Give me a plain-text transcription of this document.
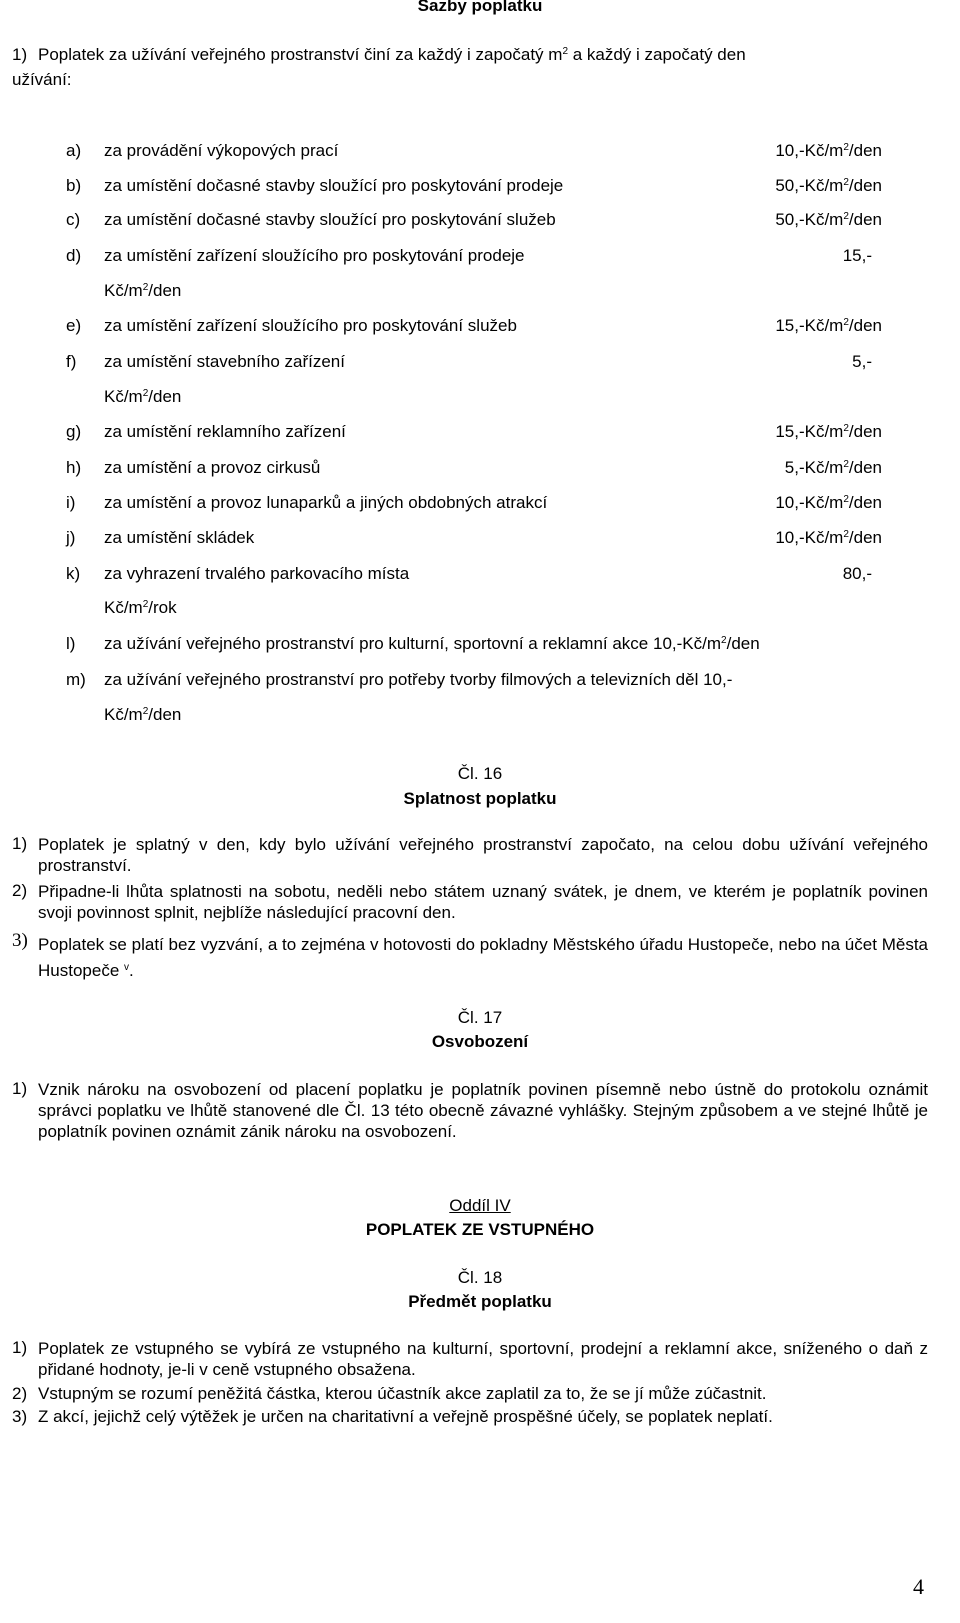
Sazby poplatku
1) Poplatek za užívání veřejného prostranství činí za každý i započatý $m^2$ a každý i započatý den
užívání:
a) za provádění výkopových prací	$10,-Kč/m^2$/den
b) za umístění dočasné stavby sloužící pro poskytování prodeje	$50,-Kč/m^2$/den
c) za umístění dočasné stavby sloužící pro poskytování služeb	$50,-Kč/m^2$/den
d) za umístění zařízení sloužícího pro poskytování prodeje	15,-
$Kč/m^2$/den
e) za umístění zařízení sloužícího pro poskytování služeb	$15,-Kč/m^2$/den
f) za umístění stavebního zařízení	5,-
$Kč/m^2$/den
g) za umístění reklamního zařízení	$15,-Kč/m^2$/den
h) za umístění a provoz cirkusů	$5,-Kč/m^2$/den
i) za umístění a provoz lunaparků a jiných obdobných atrakcí	$10,-Kč/m^2$/den
j) za umístění skládek	$10,-Kč/m^2$/den
k) za vyhrazení trvalého parkovacího místa	80,-
$Kč/m^2$/rok
l) za užívání veřejného prostranství pro kulturní, sportovní a reklamní akce $10,-Kč/m^2$/den
m) za užívání veřejného prostranství pro potřeby tvorby filmových a televizních děl 10,-
$Kč/m^2$/den
Čl. 16
Splatnost poplatku
1) Poplatek je splatný v den, kdy bylo užívání veřejného prostranství započato, na celou dobu užívání veřejného prostranství.
2) Připadne-li lhůta splatnosti na sobotu, neděli nebo státem uznaný svátek, je dnem, ve kterém je poplatník povinen svoji povinnost splnit, nejblíže následující pracovní den.
3) Poplatek se platí bez vyzvání, a to zejména v hotovosti do pokladny Městského úřadu Hustopeče, nebo na účet Města Hustopeče $^v$.
Čl. 17
Osvobození
1) Vznik nároku na osvobození od placení poplatku je poplatník povinen písemně nebo ústně do protokolu oznámit správci poplatku ve lhůtě stanovené dle Čl. 13 této obecně závazné vyhlášky. Stejným způsobem a ve stejné lhůtě je poplatník povinen oznámit zánik nároku na osvobození.
Oddíl IV
POPLATEK ZE VSTUPNÉHO
Čl. 18
Předmět poplatku
1) Poplatek ze vstupného se vybírá ze vstupného na kulturní, sportovní, prodejní a reklamní akce, sníženého o daň z přidané hodnoty, je-li v ceně vstupného obsažena.
2) Vstupným se rozumí peněžitá částka, kterou účastník akce zaplatil za to, že se jí může zúčastnit.
3) Z akcí, jejichž celý výtěžek je určen na charitativní a veřejně prospěšné účely, se poplatek neplatí.
4
